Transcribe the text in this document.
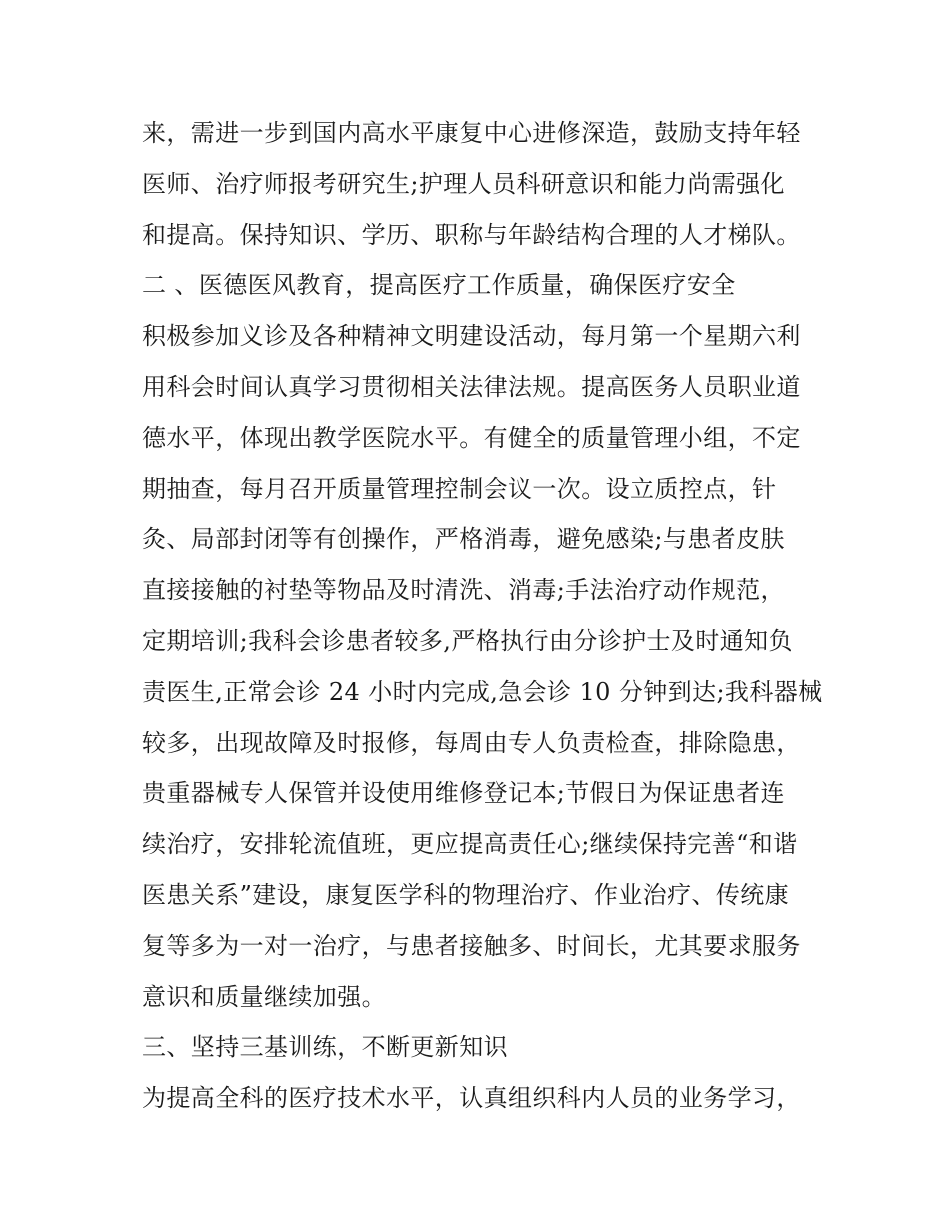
来，需进一步到国内高水平康复中心进修深造，鼓励支持年轻
医师、治疗师报考研究生;护理人员科研意识和能力尚需强化
和提高。保持知识、学历、职称与年龄结构合理的人才梯队。
二 、医德医风教育，提高医疗工作质量，确保医疗安全
积极参加义诊及各种精神文明建设活动，每月第一个星期六利
用科会时间认真学习贯彻相关法律法规。提高医务人员职业道
德水平，体现出教学医院水平。有健全的质量管理小组，不定
期抽查，每月召开质量管理控制会议一次。设立质控点，针
灸、局部封闭等有创操作，严格消毒，避免感染;与患者皮肤
直接接触的衬垫等物品及时清洗、消毒;手法治疗动作规范，
定期培训;我科会诊患者较多,严格执行由分诊护士及时通知负
责医生,正常会诊 24 小时内完成,急会诊 10 分钟到达;我科器械
较多，出现故障及时报修，每周由专人负责检查，排除隐患，
贵重器械专人保管并设使用维修登记本;节假日为保证患者连
续治疗，安排轮流值班，更应提高责任心;继续保持完善“和谐
医患关系”建设，康复医学科的物理治疗、作业治疗、传统康
复等多为一对一治疗，与患者接触多、时间长，尤其要求服务
意识和质量继续加强。
三、坚持三基训练，不断更新知识
为提高全科的医疗技术水平，认真组织科内人员的业务学习，
